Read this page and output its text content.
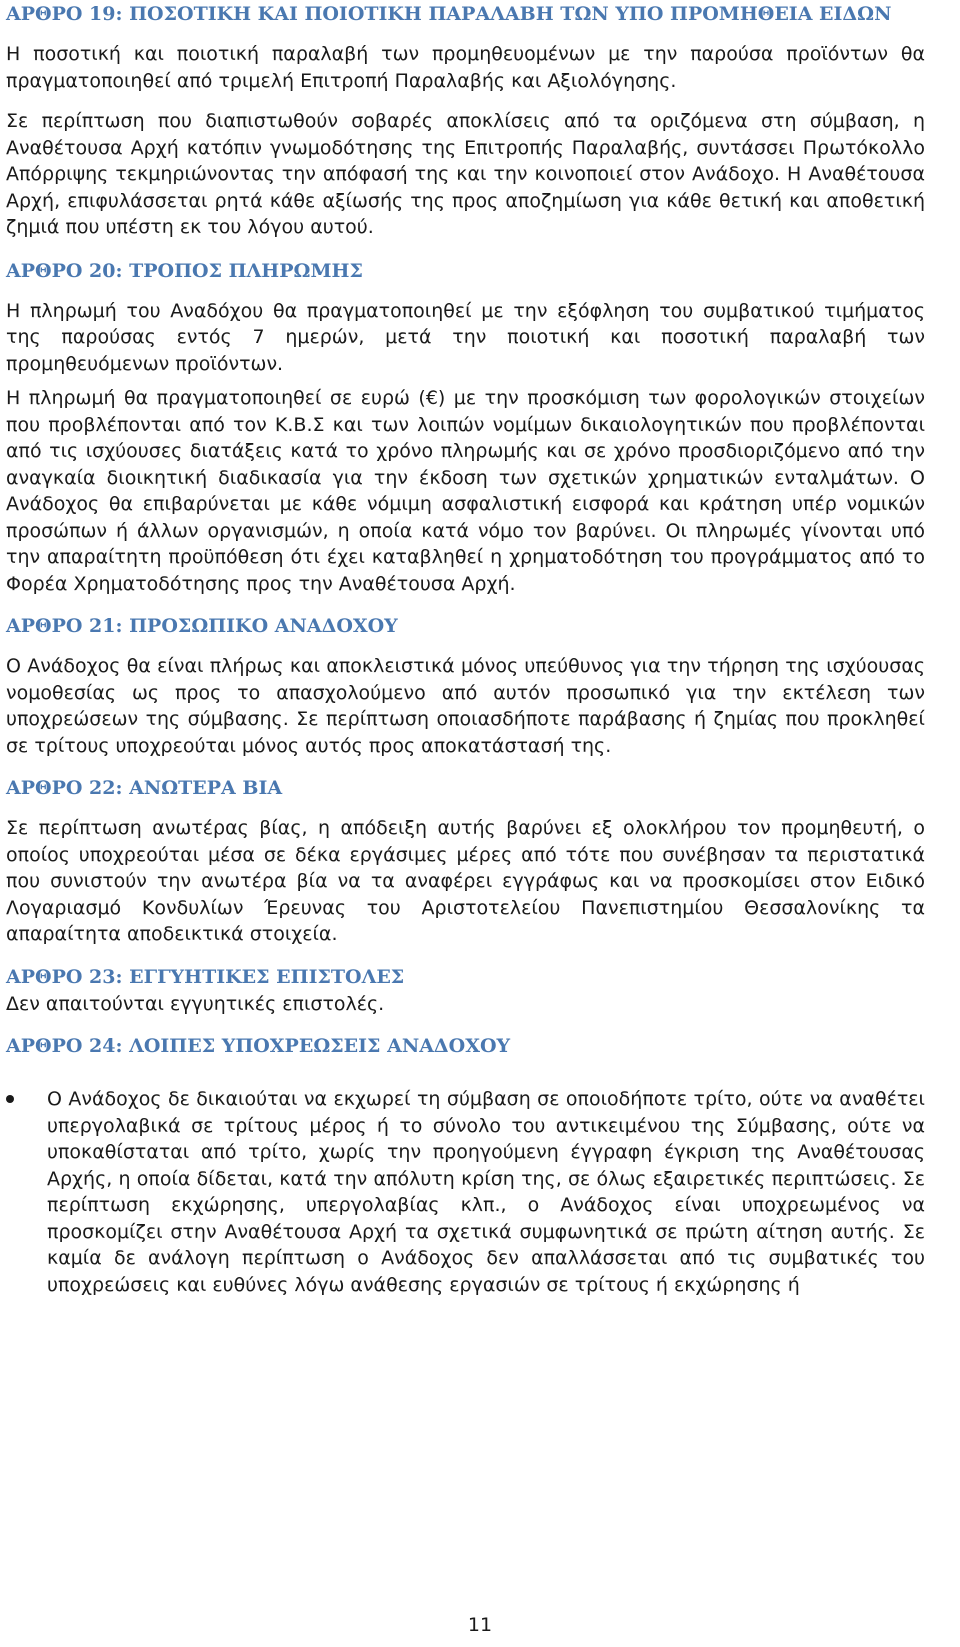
ΑΡΘΡΟ 19: ΠΟΣΟΤΙΚΗ ΚΑΙ ΠΟΙΟΤΙΚΗ ΠΑΡΑΛΑΒΗ ΤΩΝ ΥΠΟ ΠΡΟΜΗΘΕΙΑ ΕΙΔΩΝ

Η ποσοτική και ποιοτική παραλαβή των προμηθευομένων με την παρούσα προϊόντων θα πραγματοποιηθεί από τριμελή Επιτροπή Παραλαβής και Αξιολόγησης.

Σε περίπτωση που διαπιστωθούν σοβαρές αποκλίσεις από τα οριζόμενα στη σύμβαση, η Αναθέτουσα Αρχή κατόπιν γνωμοδότησης της Επιτροπής Παραλαβής, συντάσσει Πρωτόκολλο Απόρριψης τεκμηριώνοντας την απόφασή της και την κοινοποιεί στον Ανάδοχο. Η Αναθέτουσα Αρχή, επιφυλάσσεται ρητά κάθε αξίωσής της προς αποζημίωση για κάθε θετική και αποθετική ζημιά που υπέστη εκ του λόγου αυτού.

ΑΡΘΡΟ 20: ΤΡΟΠΟΣ ΠΛΗΡΩΜΗΣ

Η πληρωμή του Αναδόχου θα πραγματοποιηθεί με την εξόφληση του συμβατικού τιμήματος της παρούσας εντός 7 ημερών, μετά την ποιοτική και ποσοτική παραλαβή των προμηθευόμενων προϊόντων.

Η πληρωμή θα πραγματοποιηθεί σε ευρώ (€) με την προσκόμιση των φορολογικών στοιχείων που προβλέπονται από τον Κ.Β.Σ και των λοιπών νομίμων δικαιολογητικών που προβλέπονται από τις ισχύουσες διατάξεις κατά το χρόνο πληρωμής και σε χρόνο προσδιοριζόμενο από την αναγκαία διοικητική διαδικασία για την έκδοση των σχετικών χρηματικών ενταλμάτων. Ο Ανάδοχος θα επιβαρύνεται με κάθε νόμιμη ασφαλιστική εισφορά και κράτηση υπέρ νομικών προσώπων ή άλλων οργανισμών, η οποία κατά νόμο τον βαρύνει. Οι πληρωμές γίνονται υπό την απαραίτητη προϋπόθεση ότι έχει καταβληθεί η χρηματοδότηση του προγράμματος από το Φορέα Χρηματοδότησης προς την Αναθέτουσα Αρχή.

ΑΡΘΡΟ 21: ΠΡΟΣΩΠΙΚΟ ΑΝΑΔΟΧΟΥ

Ο Ανάδοχος θα είναι πλήρως και αποκλειστικά μόνος υπεύθυνος για την τήρηση της ισχύουσας νομοθεσίας ως προς το απασχολούμενο από αυτόν προσωπικό για την εκτέλεση των υποχρεώσεων της σύμβασης. Σε περίπτωση οποιασδήποτε παράβασης ή ζημίας που προκληθεί σε τρίτους υποχρεούται μόνος αυτός προς αποκατάστασή της.

ΑΡΘΡΟ 22: ΑΝΩΤΕΡΑ ΒΙΑ

Σε περίπτωση ανωτέρας βίας, η απόδειξη αυτής βαρύνει εξ ολοκλήρου τον προμηθευτή, ο οποίος υποχρεούται μέσα σε δέκα εργάσιμες μέρες από τότε που συνέβησαν τα περιστατικά που συνιστούν την ανωτέρα βία να τα αναφέρει εγγράφως και να προσκομίσει στον Ειδικό Λογαριασμό Κονδυλίων Έρευνας του Αριστοτελείου Πανεπιστημίου Θεσσαλονίκης τα απαραίτητα αποδεικτικά στοιχεία.

ΑΡΘΡΟ 23: ΕΓΓΥΗΤΙΚΕΣ ΕΠΙΣΤΟΛΕΣ

Δεν απαιτούνται εγγυητικές επιστολές.

ΑΡΘΡΟ 24: ΛΟΙΠΕΣ ΥΠΟΧΡΕΩΣΕΙΣ ΑΝΑΔΟΧΟΥ
Ο Ανάδοχος δε δικαιούται να εκχωρεί τη σύμβαση σε οποιοδήποτε τρίτο, ούτε να αναθέτει υπεργολαβικά σε τρίτους μέρος ή το σύνολο του αντικειμένου της Σύμβασης, ούτε να υποκαθίσταται από τρίτο, χωρίς την προηγούμενη έγγραφη έγκριση της Αναθέτουσας Αρχής, η οποία δίδεται, κατά την απόλυτη κρίση της, σε όλως εξαιρετικές περιπτώσεις. Σε περίπτωση εκχώρησης, υπεργολαβίας κλπ., ο Ανάδοχος είναι υποχρεωμένος να προσκομίζει στην Αναθέτουσα Αρχή τα σχετικά συμφωνητικά σε πρώτη αίτηση αυτής. Σε καμία δε ανάλογη περίπτωση ο Ανάδοχος δεν απαλλάσσεται από τις συμβατικές του υποχρεώσεις και ευθύνες λόγω ανάθεσης εργασιών σε τρίτους ή εκχώρησης ή
11
